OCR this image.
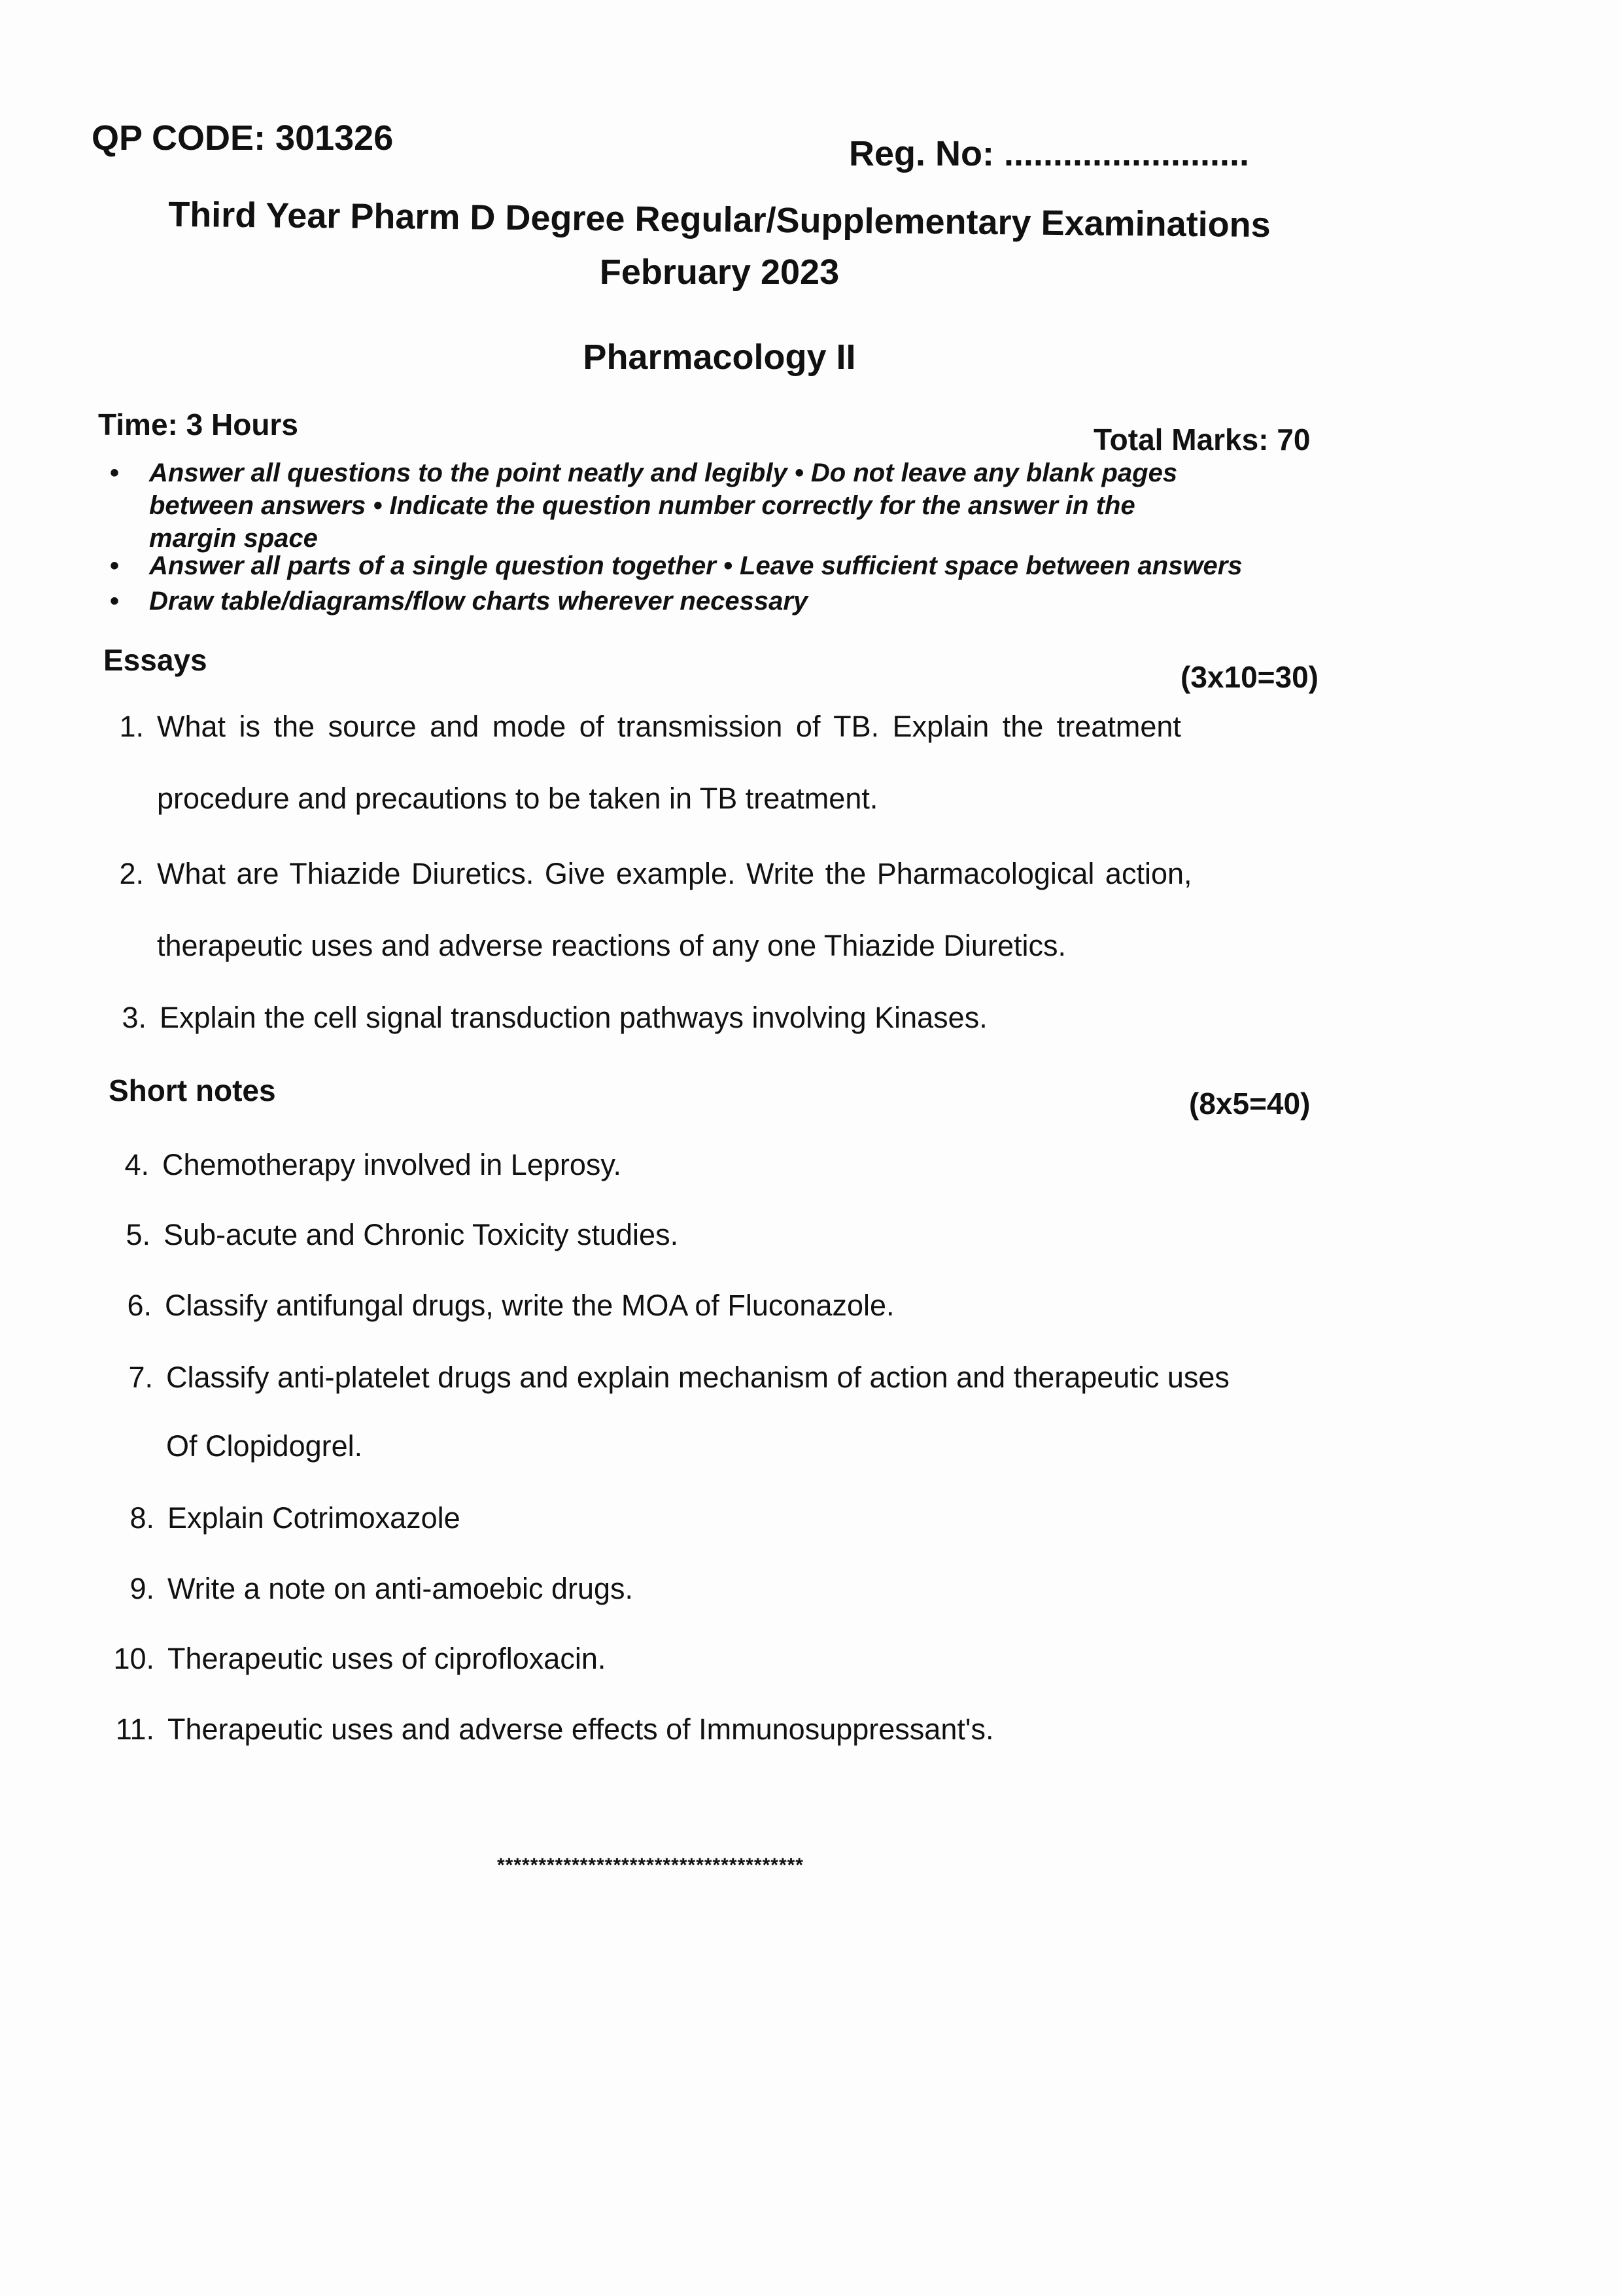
QP CODE: 301326	Reg. No: .........................
Third Year Pharm D Degree Regular/Supplementary Examinations
February 2023
Pharmacology II
Time: 3 Hours	Total Marks: 70
• Answer all questions to the point neatly and legibly • Do not leave any blank pages
between answers • Indicate the question number correctly for the answer in the
margin space
• Answer all parts of a single question together • Leave sufficient space between answers
• Draw table/diagrams/flow charts wherever necessary
Essays	(3x10=30)
1. What is the source and mode of transmission of TB. Explain the treatment
procedure and precautions to be taken in TB treatment.
2. What are Thiazide Diuretics. Give example. Write the Pharmacological action,
therapeutic uses and adverse reactions of any one Thiazide Diuretics.
3. Explain the cell signal transduction pathways involving Kinases.
Short notes	(8x5=40)
4. Chemotherapy involved in Leprosy.
5. Sub-acute and Chronic Toxicity studies.
6. Classify antifungal drugs, write the MOA of Fluconazole.
7. Classify anti-platelet drugs and explain mechanism of action and therapeutic uses
Of Clopidogrel.
8. Explain Cotrimoxazole
9. Write a note on anti-amoebic drugs.
10. Therapeutic uses of ciprofloxacin.
11. Therapeutic uses and adverse effects of Immunosuppressant's.
*************************************
